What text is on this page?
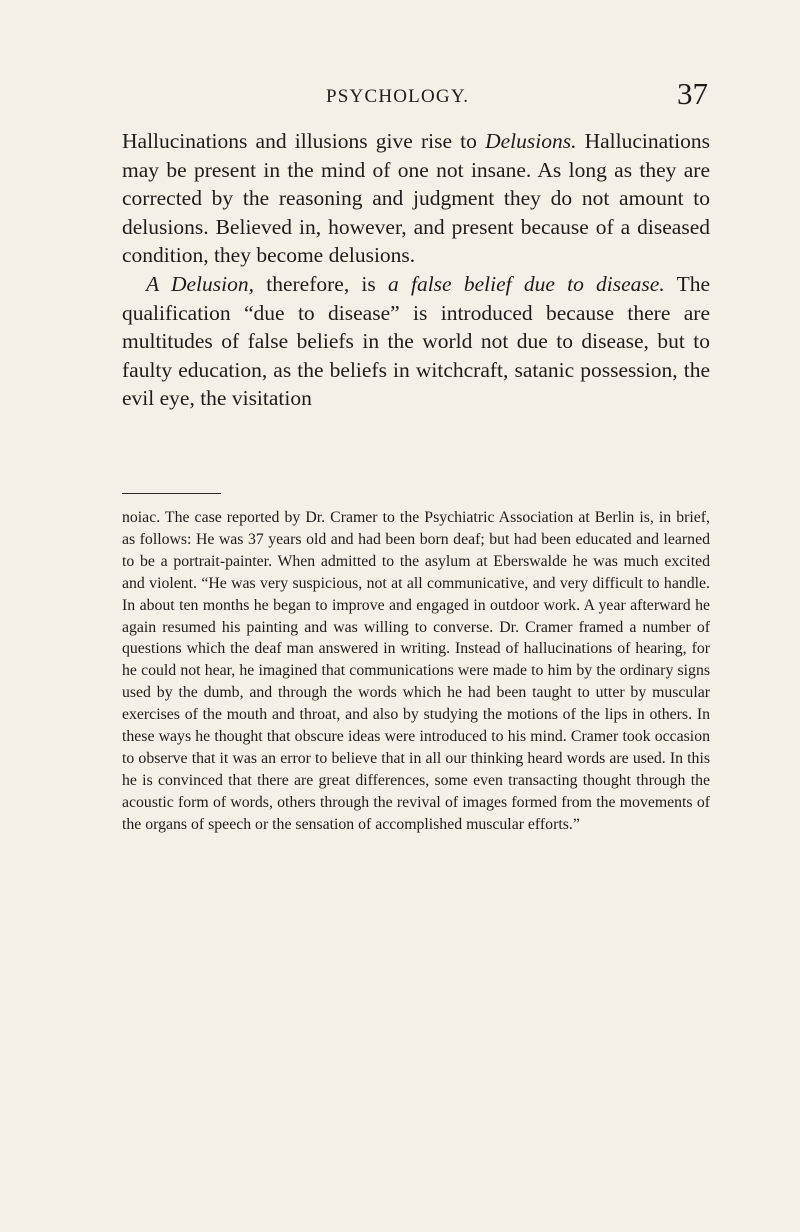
PSYCHOLOGY.	37

Hallucinations and illusions give rise to Delusions. Hallucinations may be present in the mind of one not insane. As long as they are corrected by the reasoning and judgment they do not amount to delusions. Believed in, however, and present because of a diseased condition, they become delusions.

A Delusion, therefore, is a false belief due to disease. The qualification “due to disease” is introduced because there are multitudes of false beliefs in the world not due to disease, but to faulty education, as the beliefs in witchcraft, satanic possession, the evil eye, the visitation

noiac. The case reported by Dr. Cramer to the Psychiatric Association at Berlin is, in brief, as follows: He was 37 years old and had been born deaf; but had been educated and learned to be a portrait-painter. When admitted to the asylum at Eberswalde he was much excited and violent. “He was very suspicious, not at all communicative, and very difficult to handle. In about ten months he began to improve and engaged in outdoor work. A year afterward he again resumed his painting and was willing to converse. Dr. Cramer framed a number of questions which the deaf man answered in writing. Instead of hallucinations of hearing, for he could not hear, he imagined that communications were made to him by the ordinary signs used by the dumb, and through the words which he had been taught to utter by muscular exercises of the mouth and throat, and also by studying the motions of the lips in others. In these ways he thought that obscure ideas were introduced to his mind. Cramer took occasion to observe that it was an error to believe that in all our thinking heard words are used. In this he is convinced that there are great differences, some even transacting thought through the acoustic form of words, others through the revival of images formed from the movements of the organs of speech or the sensation of accomplished muscular efforts.”
